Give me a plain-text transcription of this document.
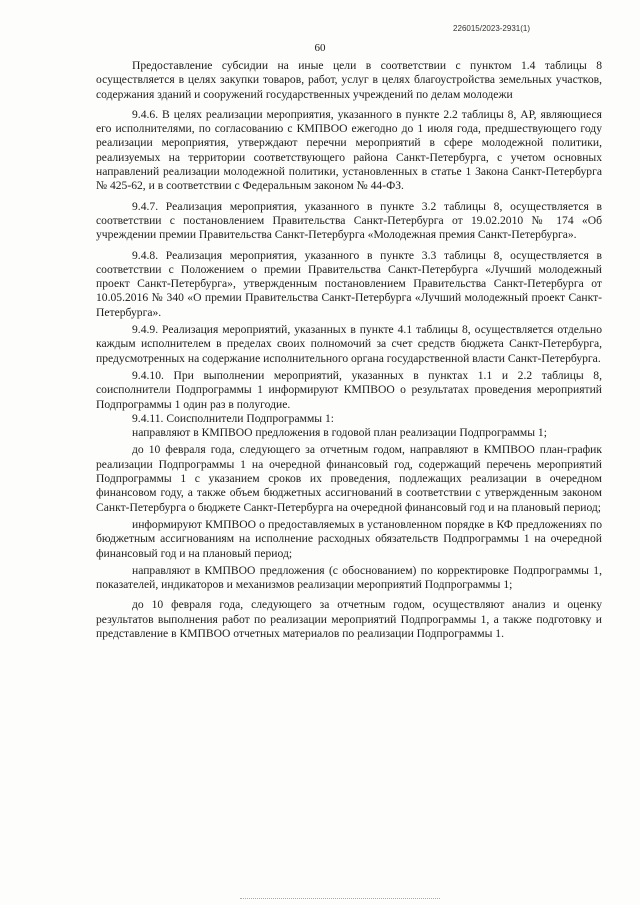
226015/2023-2931(1)
60

Предоставление субсидии на иные цели в соответствии с пунктом 1.4 таблицы 8 осуществляется в целях закупки товаров, работ, услуг в целях благоустройства земельных участков, содержания зданий и сооружений государственных учреждений по делам молодежи

9.4.6. В целях реализации мероприятия, указанного в пункте 2.2 таблицы 8, АР, являющиеся его исполнителями, по согласованию с КМПВОО ежегодно до 1 июля года, предшествующего году реализации мероприятия, утверждают перечни мероприятий в сфере молодежной политики, реализуемых на территории соответствующего района Санкт-Петербурга, с учетом основных направлений реализации молодежной политики, установленных в статье 1 Закона Санкт-Петербурга № 425-62, и в соответствии с Федеральным законом № 44-ФЗ.

9.4.7. Реализация мероприятия, указанного в пункте 3.2 таблицы 8, осуществляется в соответствии с постановлением Правительства Санкт-Петербурга от 19.02.2010 № 174 «Об учреждении премии Правительства Санкт-Петербурга «Молодежная премия Санкт-Петербурга».

9.4.8. Реализация мероприятия, указанного в пункте 3.3 таблицы 8, осуществляется в соответствии с Положением о премии Правительства Санкт-Петербурга «Лучший молодежный проект Санкт-Петербурга», утвержденным постановлением Правительства Санкт-Петербурга от 10.05.2016 № 340 «О премии Правительства Санкт-Петербурга «Лучший молодежный проект Санкт-Петербурга».

9.4.9. Реализация мероприятий, указанных в пункте 4.1 таблицы 8, осуществляется отдельно каждым исполнителем в пределах своих полномочий за счет средств бюджета Санкт-Петербурга, предусмотренных на содержание исполнительного органа государственной власти Санкт-Петербурга.

9.4.10. При выполнении мероприятий, указанных в пунктах 1.1 и 2.2 таблицы 8, соисполнители Подпрограммы 1 информируют КМПВОО о результатах проведения мероприятий Подпрограммы 1 один раз в полугодие.

9.4.11. Соисполнители Подпрограммы 1:

направляют в КМПВОО предложения в годовой план реализации Подпрограммы 1;

до 10 февраля года, следующего за отчетным годом, направляют в КМПВОО план-график реализации Подпрограммы 1 на очередной финансовый год, содержащий перечень мероприятий Подпрограммы 1 с указанием сроков их проведения, подлежащих реализации в очередном финансовом году, а также объем бюджетных ассигнований в соответствии с утвержденным законом Санкт-Петербурга о бюджете Санкт-Петербурга на очередной финансовый год и на плановый период;

информируют КМПВОО о предоставляемых в установленном порядке в КФ предложениях по бюджетным ассигнованиям на исполнение расходных обязательств Подпрограммы 1 на очередной финансовый год и на плановый период;

направляют в КМПВОО предложения (с обоснованием) по корректировке Подпрограммы 1, показателей, индикаторов и механизмов реализации мероприятий Подпрограммы 1;

до 10 февраля года, следующего за отчетным годом, осуществляют анализ и оценку результатов выполнения работ по реализации мероприятий Подпрограммы 1, а также подготовку и представление в КМПВОО отчетных материалов по реализации Подпрограммы 1.
